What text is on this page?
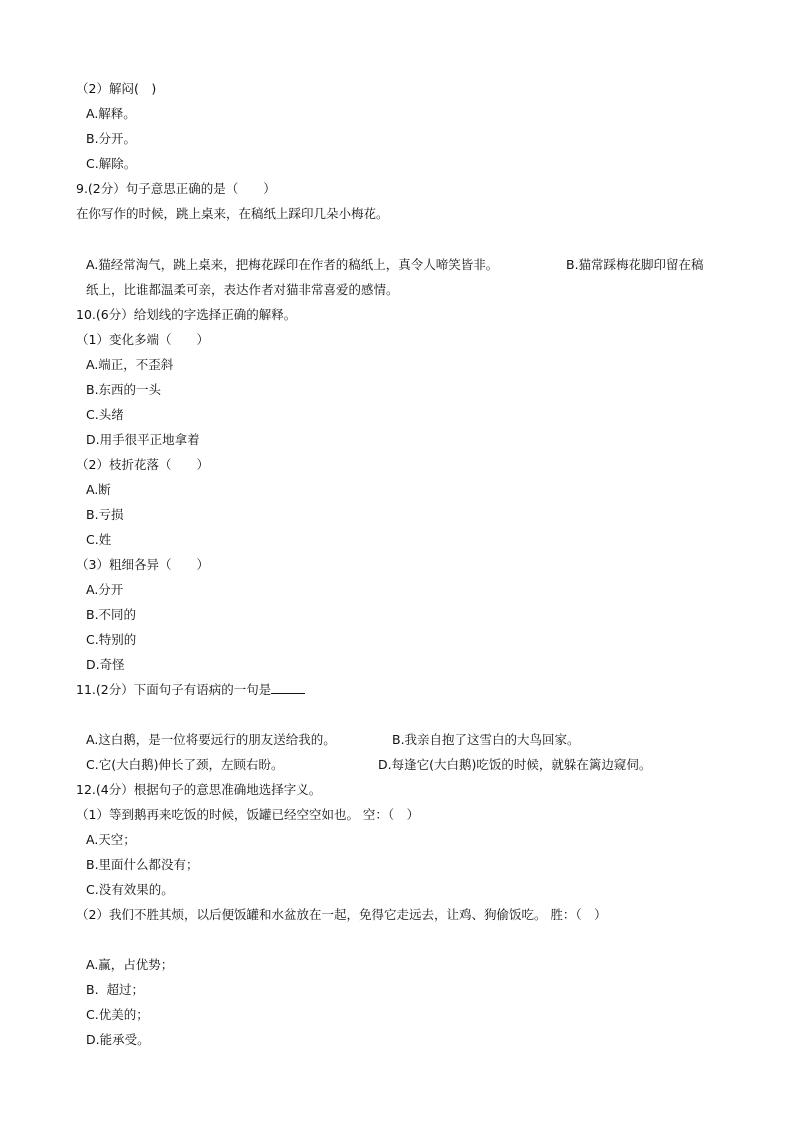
（2）解闷(　)
A.解释。
B.分开。
C.解除。
9.(2分）句子意思正确的是（　　）
在你写作的时候，跳上桌来，在稿纸上踩印几朵小梅花。
A.猫经常淘气，跳上桌来，把梅花踩印在作者的稿纸上，真令人啼笑皆非。	B.猫常踩梅花脚印留在稿
纸上，比谁都温柔可亲，表达作者对猫非常喜爱的感情。
10.(6分）给划线的字选择正确的解释。
（1）变化多端（　　）
A.端正，不歪斜
B.东西的一头
C.头绪
D.用手很平正地拿着
（2）枝折花落（　　）
A.断
B.亏损
C.姓
（3）粗细各异（　　）
A.分开
B.不同的
C.特别的
D.奇怪
11.(2分）下面句子有语病的一句是
A.这白鹅，是一位将要远行的朋友送给我的。	B.我亲自抱了这雪白的大鸟回家。
C.它(大白鹅)伸长了颈，左顾右盼。	D.每逢它(大白鹅)吃饭的时候，就躲在篱边窥伺。
12.(4分）根据句子的意思准确地选择字义。
（1）等到鹅再来吃饭的时候，饭罐已经空空如也。 空：（　）
A.天空；
B.里面什么都没有；
C.没有效果的。
（2）我们不胜其烦，以后便饭罐和水盆放在一起，免得它走远去，让鸡、狗偷饭吃。 胜：（　）
A.赢，占优势；
B.  超过；
C.优美的；
D.能承受。
